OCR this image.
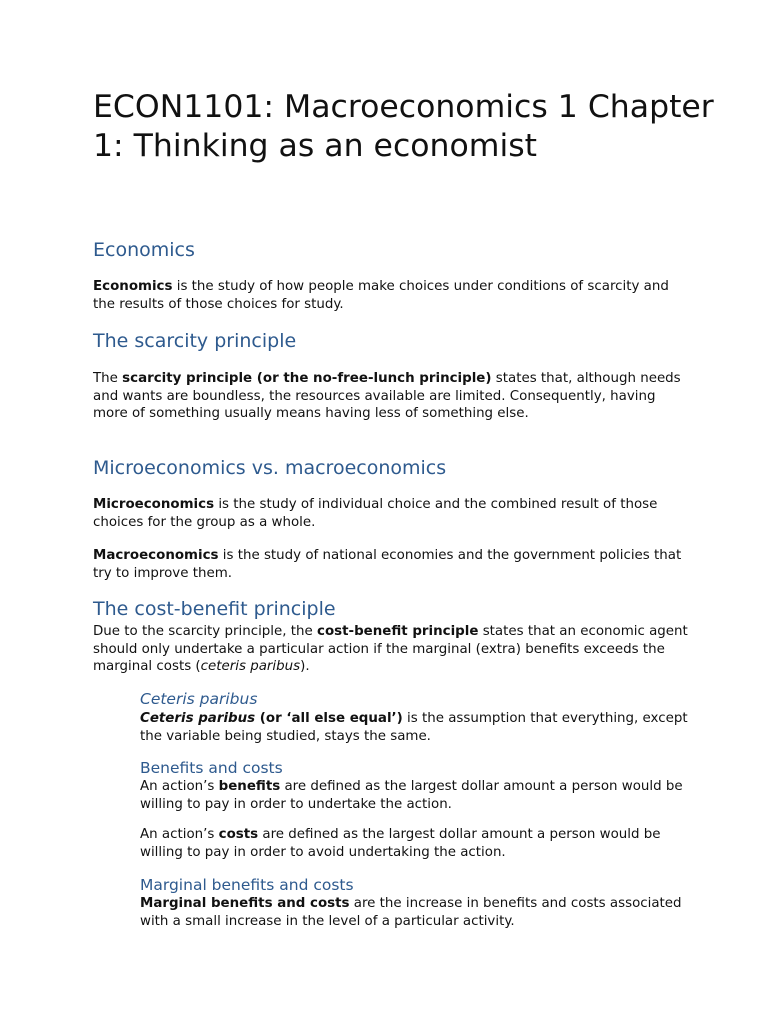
ECON1101: Macroeconomics 1 Chapter 1: Thinking as an economist
Economics

Economics is the study of how people make choices under conditions of scarcity and the results of those choices for study.

The scarcity principle

The scarcity principle (or the no-free-lunch principle) states that, although needs and wants are boundless, the resources available are limited. Consequently, having more of something usually means having less of something else.

Microeconomics vs. macroeconomics

Microeconomics is the study of individual choice and the combined result of those choices for the group as a whole.

Macroeconomics is the study of national economies and the government policies that try to improve them.

The cost-benefit principle

Due to the scarcity principle, the cost-benefit principle states that an economic agent should only undertake a particular action if the marginal (extra) benefits exceeds the marginal costs (ceteris paribus).

Ceteris paribus

Ceteris paribus (or ‘all else equal’) is the assumption that everything, except the variable being studied, stays the same.

Benefits and costs

An action’s benefits are defined as the largest dollar amount a person would be willing to pay in order to undertake the action.

An action’s costs are defined as the largest dollar amount a person would be willing to pay in order to avoid undertaking the action.

Marginal benefits and costs

Marginal benefits and costs are the increase in benefits and costs associated with a small increase in the level of a particular activity.
